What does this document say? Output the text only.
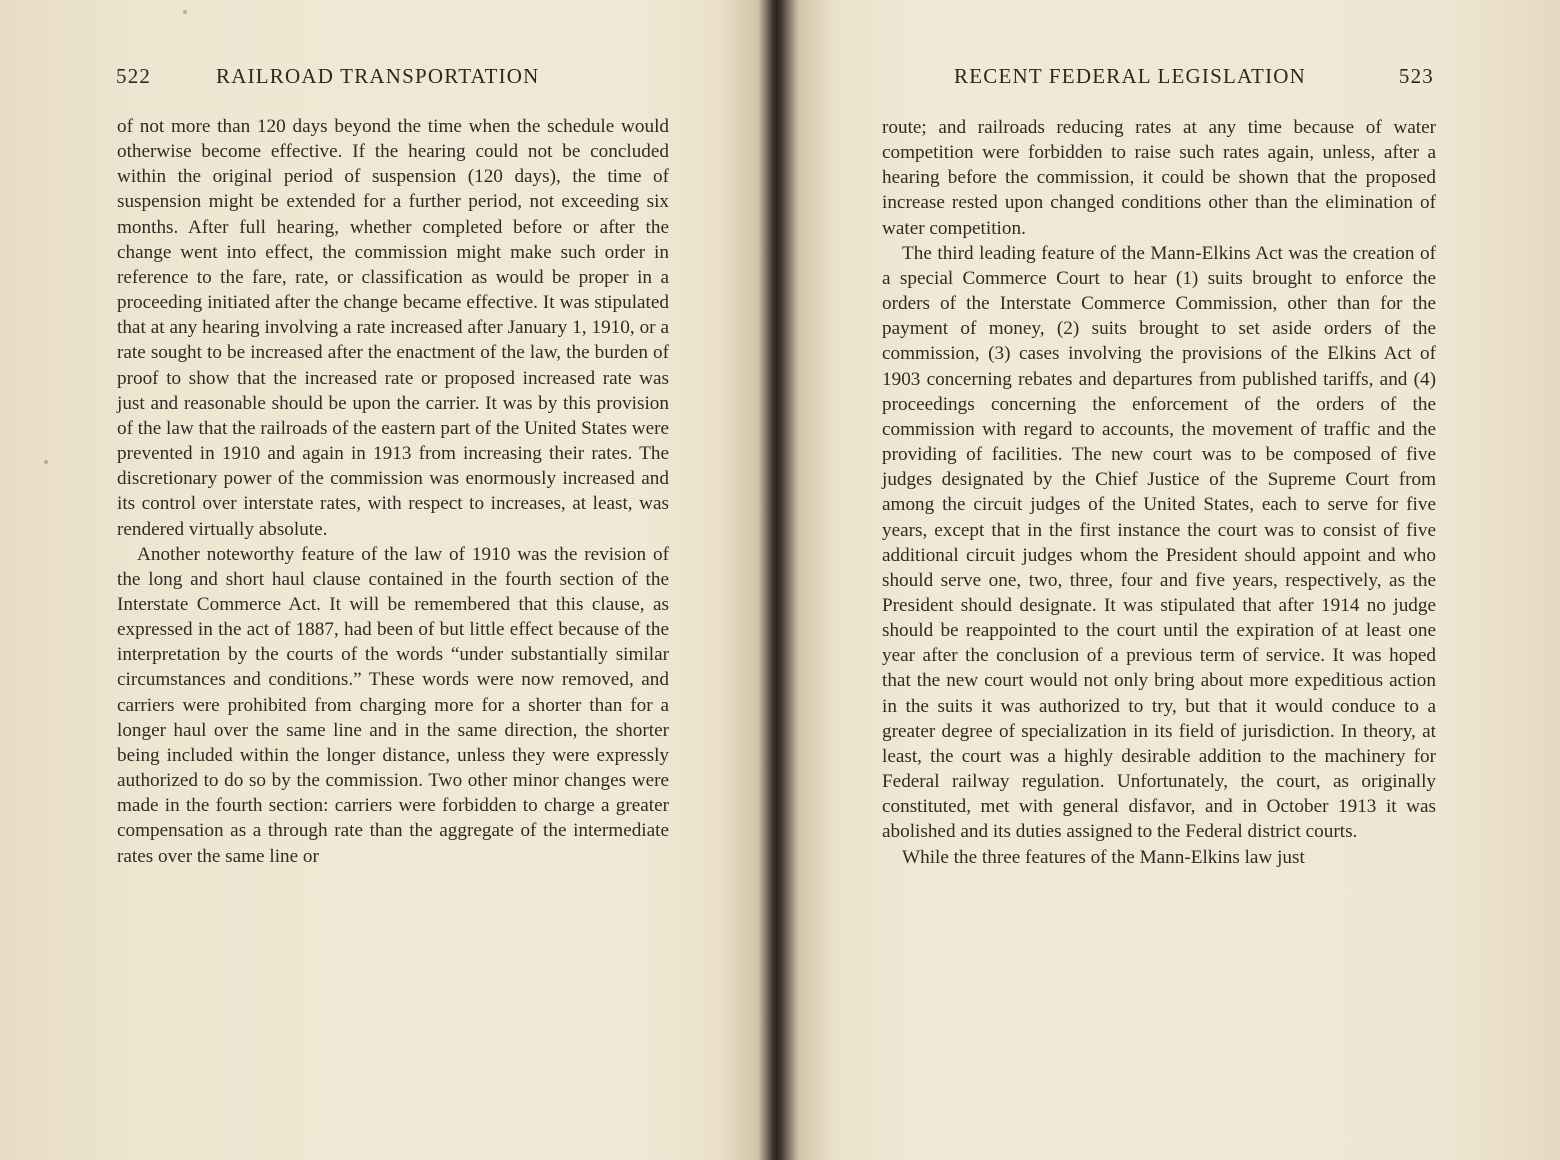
522	RAILROAD TRANSPORTATION

of not more than 120 days beyond the time when the schedule would otherwise become effective. If the hearing could not be concluded within the original period of suspension (120 days), the time of suspension might be extended for a further period, not exceeding six months. After full hearing, whether completed before or after the change went into effect, the commission might make such order in reference to the fare, rate, or classification as would be proper in a proceeding initiated after the change became effective. It was stipulated that at any hearing involving a rate increased after January 1, 1910, or a rate sought to be increased after the enactment of the law, the burden of proof to show that the increased rate or proposed increased rate was just and reasonable should be upon the carrier. It was by this provision of the law that the railroads of the eastern part of the United States were prevented in 1910 and again in 1913 from increasing their rates. The discretionary power of the commission was enormously increased and its control over interstate rates, with respect to increases, at least, was rendered virtually absolute.

Another noteworthy feature of the law of 1910 was the revision of the long and short haul clause contained in the fourth section of the Interstate Commerce Act. It will be remembered that this clause, as expressed in the act of 1887, had been of but little effect because of the interpretation by the courts of the words “under substantially similar circumstances and conditions.” These words were now removed, and carriers were prohibited from charging more for a shorter than for a longer haul over the same line and in the same direction, the shorter being included within the longer distance, unless they were expressly authorized to do so by the commission. Two other minor changes were made in the fourth section: carriers were forbidden to charge a greater compensation as a through rate than the aggregate of the intermediate rates over the same line or

RECENT FEDERAL LEGISLATION	523

route; and railroads reducing rates at any time because of water competition were forbidden to raise such rates again, unless, after a hearing before the commission, it could be shown that the proposed increase rested upon changed conditions other than the elimination of water competition.

The third leading feature of the Mann-Elkins Act was the creation of a special Commerce Court to hear (1) suits brought to enforce the orders of the Interstate Commerce Commission, other than for the payment of money, (2) suits brought to set aside orders of the commission, (3) cases involving the provisions of the Elkins Act of 1903 concerning rebates and departures from published tariffs, and (4) proceedings concerning the enforcement of the orders of the commission with regard to accounts, the movement of traffic and the providing of facilities. The new court was to be composed of five judges designated by the Chief Justice of the Supreme Court from among the circuit judges of the United States, each to serve for five years, except that in the first instance the court was to consist of five additional circuit judges whom the President should appoint and who should serve one, two, three, four and five years, respectively, as the President should designate. It was stipulated that after 1914 no judge should be reappointed to the court until the expiration of at least one year after the conclusion of a previous term of service. It was hoped that the new court would not only bring about more expeditious action in the suits it was authorized to try, but that it would conduce to a greater degree of specialization in its field of jurisdiction. In theory, at least, the court was a highly desirable addition to the machinery for Federal railway regulation. Unfortunately, the court, as originally constituted, met with general disfavor, and in October 1913 it was abolished and its duties assigned to the Federal district courts.

While the three features of the Mann-Elkins law just
